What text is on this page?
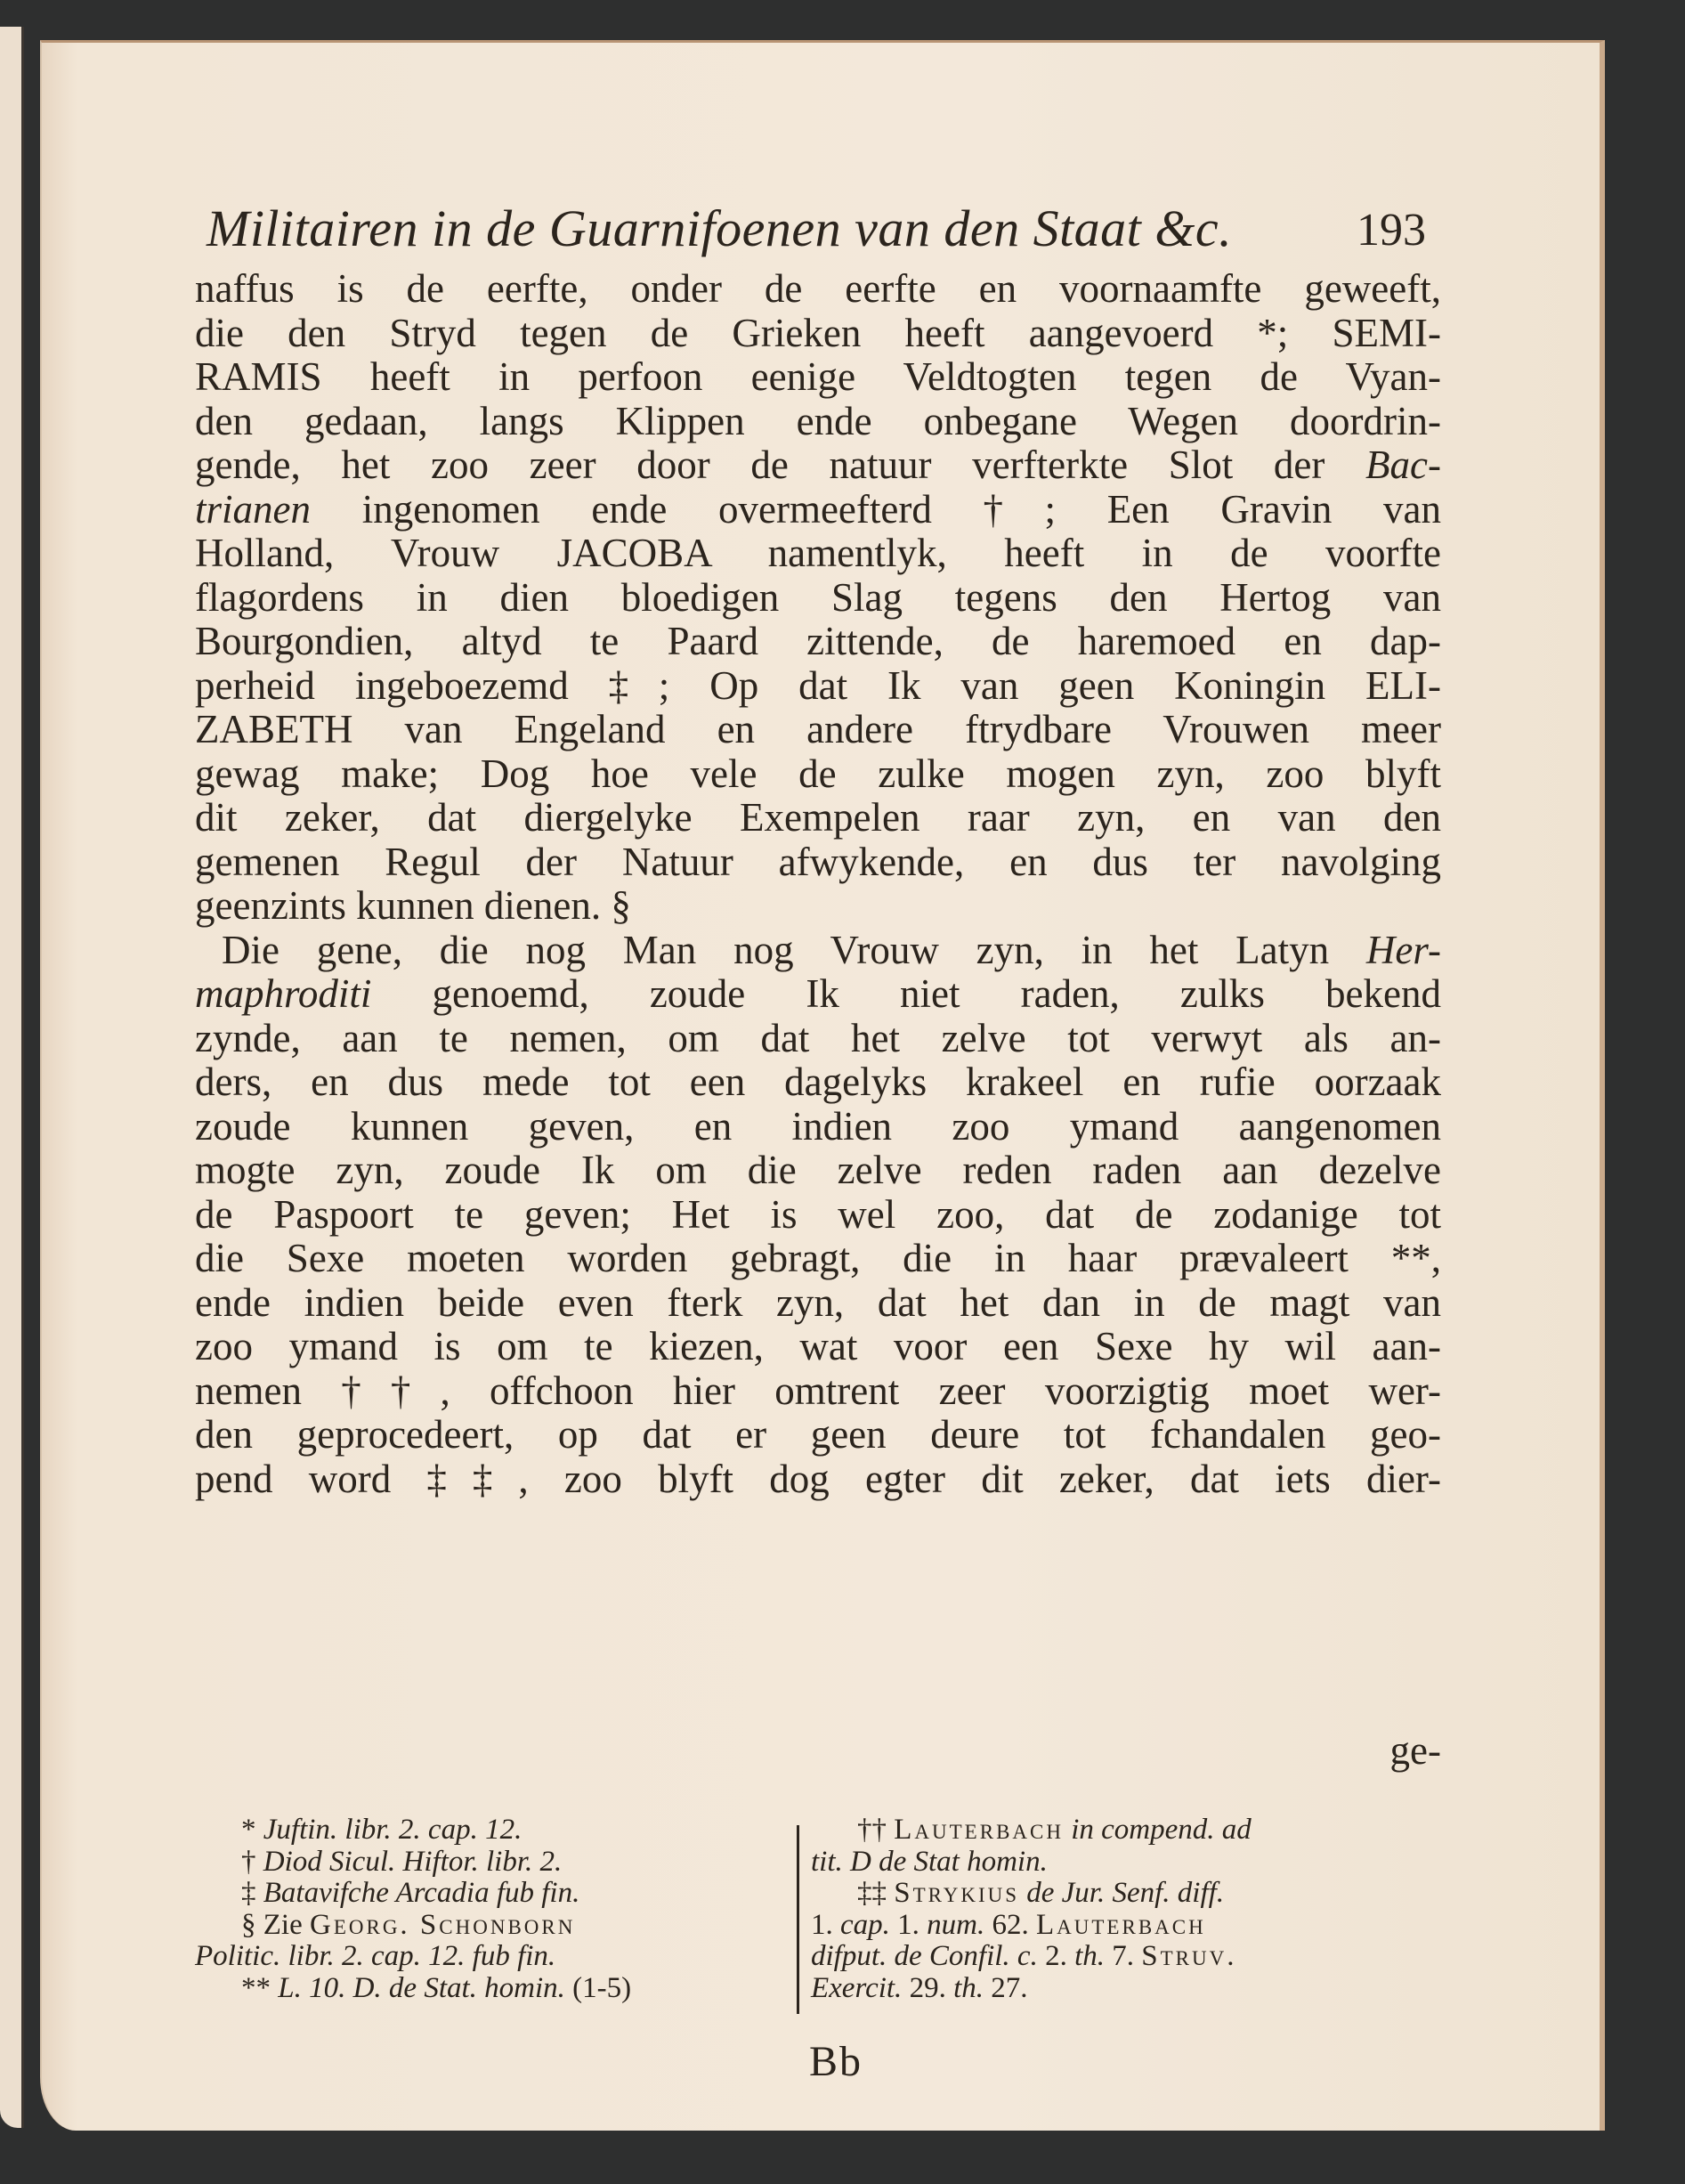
Militairen in de Guarnifoenen van den Staat &c.	193
naffus is de eerfte, onder de eerfte en voornaamfte geweeft,
die den Stryd tegen de Grieken heeft aangevoerd *; SEMI-
RAMIS heeft in perfoon eenige Veldtogten tegen de Vyan-
den gedaan, langs Klippen ende onbegane Wegen doordrin-
gende, het zoo zeer door de natuur verfterkte Slot der Bac-
trianen ingenomen ende overmeefterd †; Een Gravin van
Holland, Vrouw JACOBA namentlyk, heeft in de voorfte
flagordens in dien bloedigen Slag tegens den Hertog van
Bourgondien, altyd te Paard zittende, de haremoed en dap-
perheid ingeboezemd ‡; Op dat Ik van geen Koningin ELI-
ZABETH van Engeland en andere ftrydbare Vrouwen meer
gewag make; Dog hoe vele de zulke mogen zyn, zoo blyft
dit zeker, dat diergelyke Exempelen raar zyn, en van den
gemenen Regul der Natuur afwykende, en dus ter navolging
geenzints kunnen dienen. §
Die gene, die nog Man nog Vrouw zyn, in het Latyn Her-
maphroditi genoemd, zoude Ik niet raden, zulks bekend
zynde, aan te nemen, om dat het zelve tot verwyt als an-
ders, en dus mede tot een dagelyks krakeel en rufie oorzaak
zoude kunnen geven, en indien zoo ymand aangenomen
mogte zyn, zoude Ik om die zelve reden raden aan dezelve
de Paspoort te geven; Het is wel zoo, dat de zodanige tot
die Sexe moeten worden gebragt, die in haar prævaleert **,
ende indien beide even fterk zyn, dat het dan in de magt van
zoo ymand is om te kiezen, wat voor een Sexe hy wil aan-
nemen ††, offchoon hier omtrent zeer voorzigtig moet wer-
den geprocedeert, op dat er geen deure tot fchandalen geo-
pend word ‡‡, zoo blyft dog egter dit zeker, dat iets dier-
ge-
* Juftin. libr. 2. cap. 12.
† Diod Sicul. Hiftor. libr. 2.
‡ Batavifche Arcadia fub fin.
§ Zie Georg. Schonborn
Politic. libr. 2. cap. 12. fub fin.
** L. 10. D. de Stat. homin. (1-5)
†† Lauterbach in compend. ad
tit. D de Stat homin.
‡‡ Strykius de Jur. Senf. diff.
1. cap. 1. num. 62. Lauterbach
difput. de Confil. c. 2. th. 7. Struv.
Exercit. 29. th. 27.
Bb
